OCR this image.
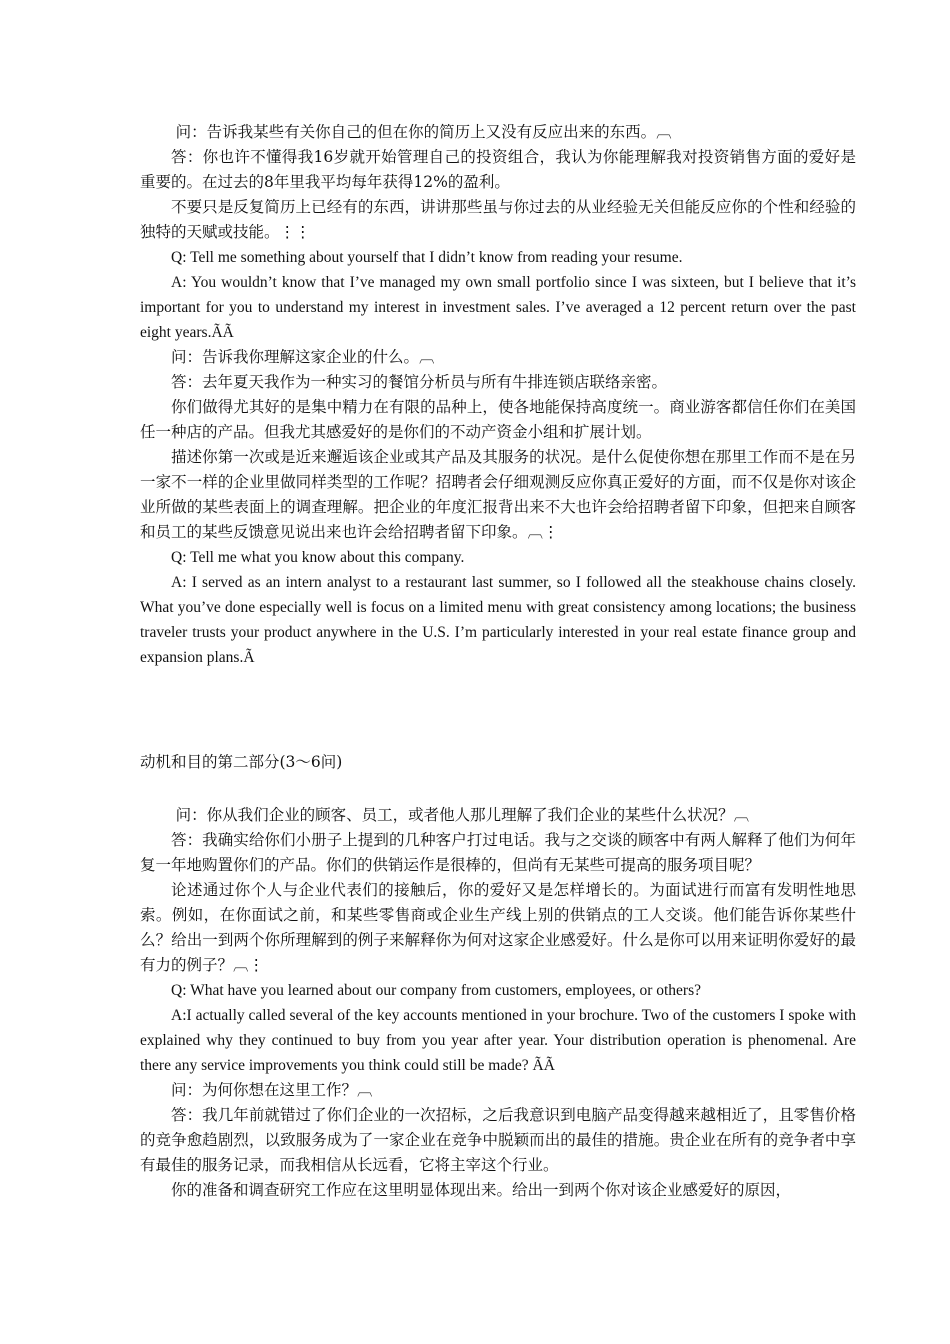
问：告诉我某些有关你自己的但在你的简历上又没有反应出来的东西。︹

答：你也许不懂得我16岁就开始管理自己的投资组合，我认为你能理解我对投资销售方面的爱好是重要的。在过去的8年里我平均每年获得12%的盈利。

不要只是反复简历上已经有的东西，讲讲那些虽与你过去的从业经验无关但能反应你的个性和经验的独特的天赋或技能。⋮⋮

Q: Tell me something about yourself that I didn’t know from reading your resume.

A: You wouldn’t know that I’ve managed my own small portfolio since I was sixteen, but I believe that it’s important for you to understand my interest in investment sales. I’ve averaged a 12 percent return over the past eight years.ÃÃ

问：告诉我你理解这家企业的什么。︹

答：去年夏天我作为一种实习的餐馆分析员与所有牛排连锁店联络亲密。

你们做得尤其好的是集中精力在有限的品种上，使各地能保持高度统一。商业游客都信任你们在美国任一种店的产品。但我尤其感爱好的是你们的不动产资金小组和扩展计划。

描述你第一次或是近来邂逅该企业或其产品及其服务的状况。是什么促使你想在那里工作而不是在另一家不一样的企业里做同样类型的工作呢？招聘者会仔细观测反应你真正爱好的方面，而不仅是你对该企业所做的某些表面上的调查理解。把企业的年度汇报背出来不大也许会给招聘者留下印象，但把来自顾客和员工的某些反馈意见说出来也许会给招聘者留下印象。︹⋮

Q: Tell me what you know about this company.

A: I served as an intern analyst to a restaurant last summer, so I followed all the steakhouse chains closely. What you’ve done especially well is focus on a limited menu with great consistency among locations; the business traveler trusts your product anywhere in the U.S. I’m particularly interested in your real estate finance group and expansion plans.Ã

动机和目的第二部分(3～6问)

问：你从我们企业的顾客、员工，或者他人那儿理解了我们企业的某些什么状况？︹

答：我确实给你们小册子上提到的几种客户打过电话。我与之交谈的顾客中有两人解释了他们为何年复一年地购置你们的产品。你们的供销运作是很棒的，但尚有无某些可提高的服务项目呢？

论述通过你个人与企业代表们的接触后，你的爱好又是怎样增长的。为面试进行而富有发明性地思索。例如，在你面试之前，和某些零售商或企业生产线上别的供销点的工人交谈。他们能告诉你某些什么？给出一到两个你所理解到的例子来解释你为何对这家企业感爱好。什么是你可以用来证明你爱好的最有力的例子？︹⋮

Q: What have you learned about our company from customers, employees, or others?

A:I actually called several of the key accounts mentioned in your brochure. Two of the customers I spoke with explained why they continued to buy from you year after year. Your distribution operation is phenomenal. Are there any service improvements you think could still be made? ÃÃ

问：为何你想在这里工作？︹

答：我几年前就错过了你们企业的一次招标，之后我意识到电脑产品变得越来越相近了，且零售价格的竞争愈趋剧烈，以致服务成为了一家企业在竞争中脱颖而出的最佳的措施。贵企业在所有的竞争者中享有最佳的服务记录，而我相信从长远看，它将主宰这个行业。

你的准备和调查研究工作应在这里明显体现出来。给出一到两个你对该企业感爱好的原因，
